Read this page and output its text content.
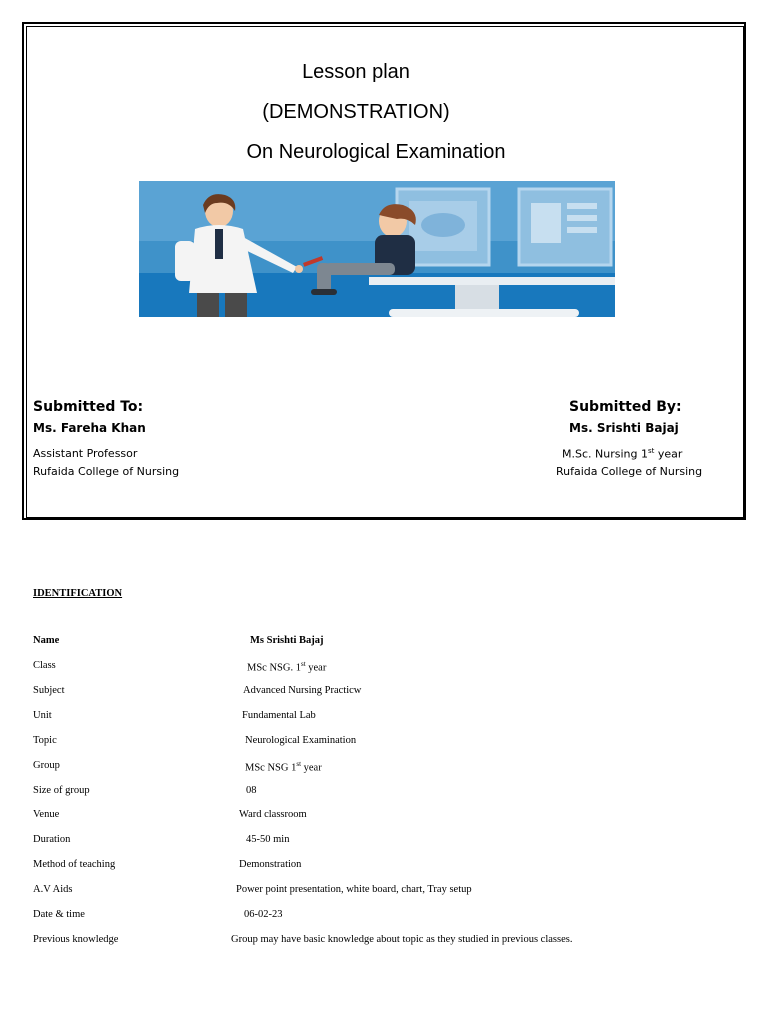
Lesson plan
(DEMONSTRATION)
On Neurological Examination
Submitted To:
Ms. Fareha Khan
Assistant Professor
Rufaida College of Nursing
Submitted By:
Ms. Srishti Bajaj
M.Sc. Nursing 1st year
Rufaida College of Nursing
IDENTIFICATION
Name	Ms Srishti Bajaj
Class	MSc NSG. 1st year
Subject	Advanced Nursing Practicw
Unit	Fundamental Lab
Topic	Neurological Examination
Group	MSc NSG 1st year
Size of group	08
Venue	Ward classroom
Duration	45-50 min
Method of teaching	Demonstration
A.V Aids	Power point presentation, white board, chart, Tray setup
Date & time	06-02-23
Previous knowledge	Group may have basic knowledge about topic as they studied in previous classes.
